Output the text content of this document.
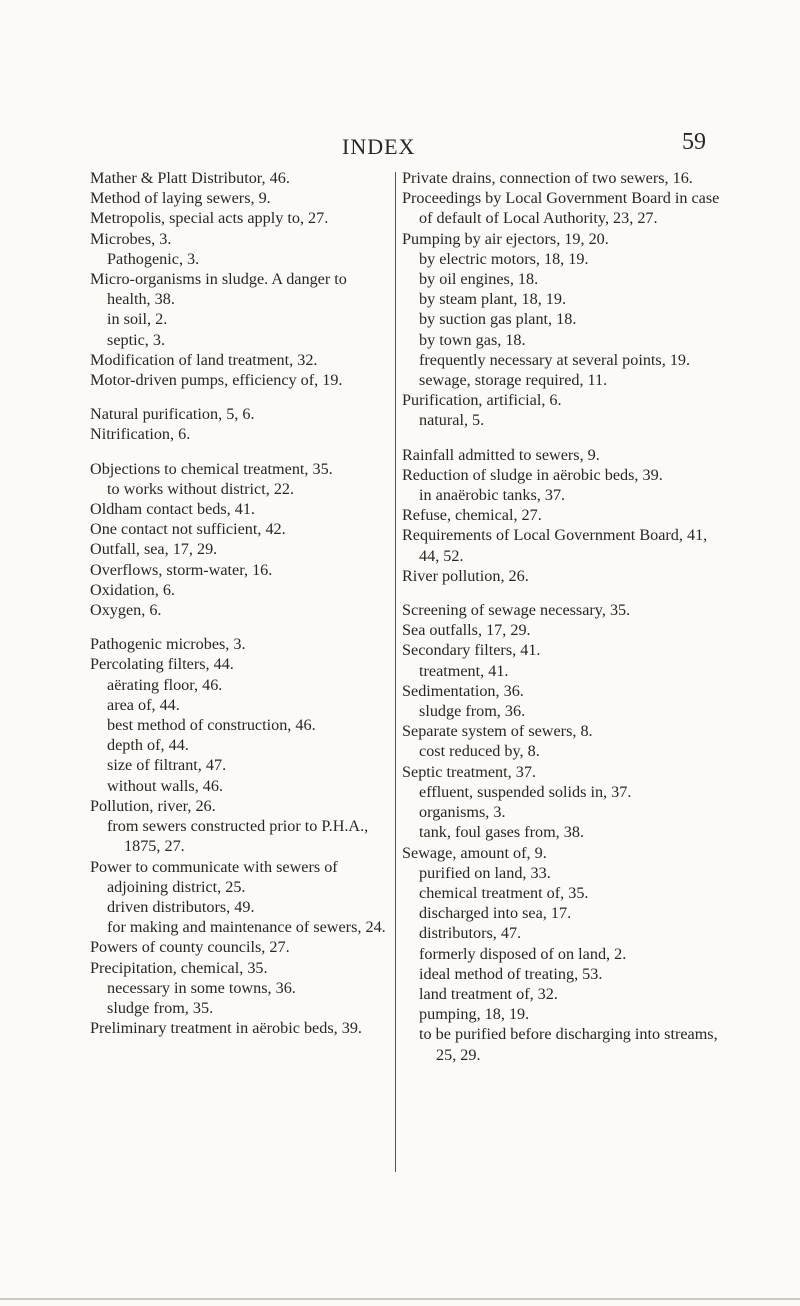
INDEX	59

Mather & Platt Distributor, 46.

Method of laying sewers, 9.

Metropolis, special acts apply to, 27.

Microbes, 3.

Pathogenic, 3.

Micro-organisms in sludge. A danger to health, 38.

in soil, 2.

septic, 3.

Modification of land treatment, 32.

Motor-driven pumps, efficiency of, 19.

Natural purification, 5, 6.

Nitrification, 6.

Objections to chemical treatment, 35.

to works without district, 22.

Oldham contact beds, 41.

One contact not sufficient, 42.

Outfall, sea, 17, 29.

Overflows, storm-water, 16.

Oxidation, 6.

Oxygen, 6.

Pathogenic microbes, 3.

Percolating filters, 44.

aërating floor, 46.

area of, 44.

best method of construction, 46.

depth of, 44.

size of filtrant, 47.

without walls, 46.

Pollution, river, 26.

from sewers constructed prior to P.H.A., 1875, 27.

Power to communicate with sewers of adjoining district, 25.

driven distributors, 49.

for making and maintenance of sewers, 24.

Powers of county councils, 27.

Precipitation, chemical, 35.

necessary in some towns, 36.

sludge from, 35.

Preliminary treatment in aërobic beds, 39.

Private drains, connection of two sewers, 16.

Proceedings by Local Government Board in case of default of Local Authority, 23, 27.

Pumping by air ejectors, 19, 20.

by electric motors, 18, 19.

by oil engines, 18.

by steam plant, 18, 19.

by suction gas plant, 18.

by town gas, 18.

frequently necessary at several points, 19.

sewage, storage required, 11.

Purification, artificial, 6.

natural, 5.

Rainfall admitted to sewers, 9.

Reduction of sludge in aërobic beds, 39.

in anaërobic tanks, 37.

Refuse, chemical, 27.

Requirements of Local Government Board, 41, 44, 52.

River pollution, 26.

Screening of sewage necessary, 35.

Sea outfalls, 17, 29.

Secondary filters, 41.

treatment, 41.

Sedimentation, 36.

sludge from, 36.

Separate system of sewers, 8.

cost reduced by, 8.

Septic treatment, 37.

effluent, suspended solids in, 37.

organisms, 3.

tank, foul gases from, 38.

Sewage, amount of, 9.

purified on land, 33.

chemical treatment of, 35.

discharged into sea, 17.

distributors, 47.

formerly disposed of on land, 2.

ideal method of treating, 53.

land treatment of, 32.

pumping, 18, 19.

to be purified before discharging into streams, 25, 29.
